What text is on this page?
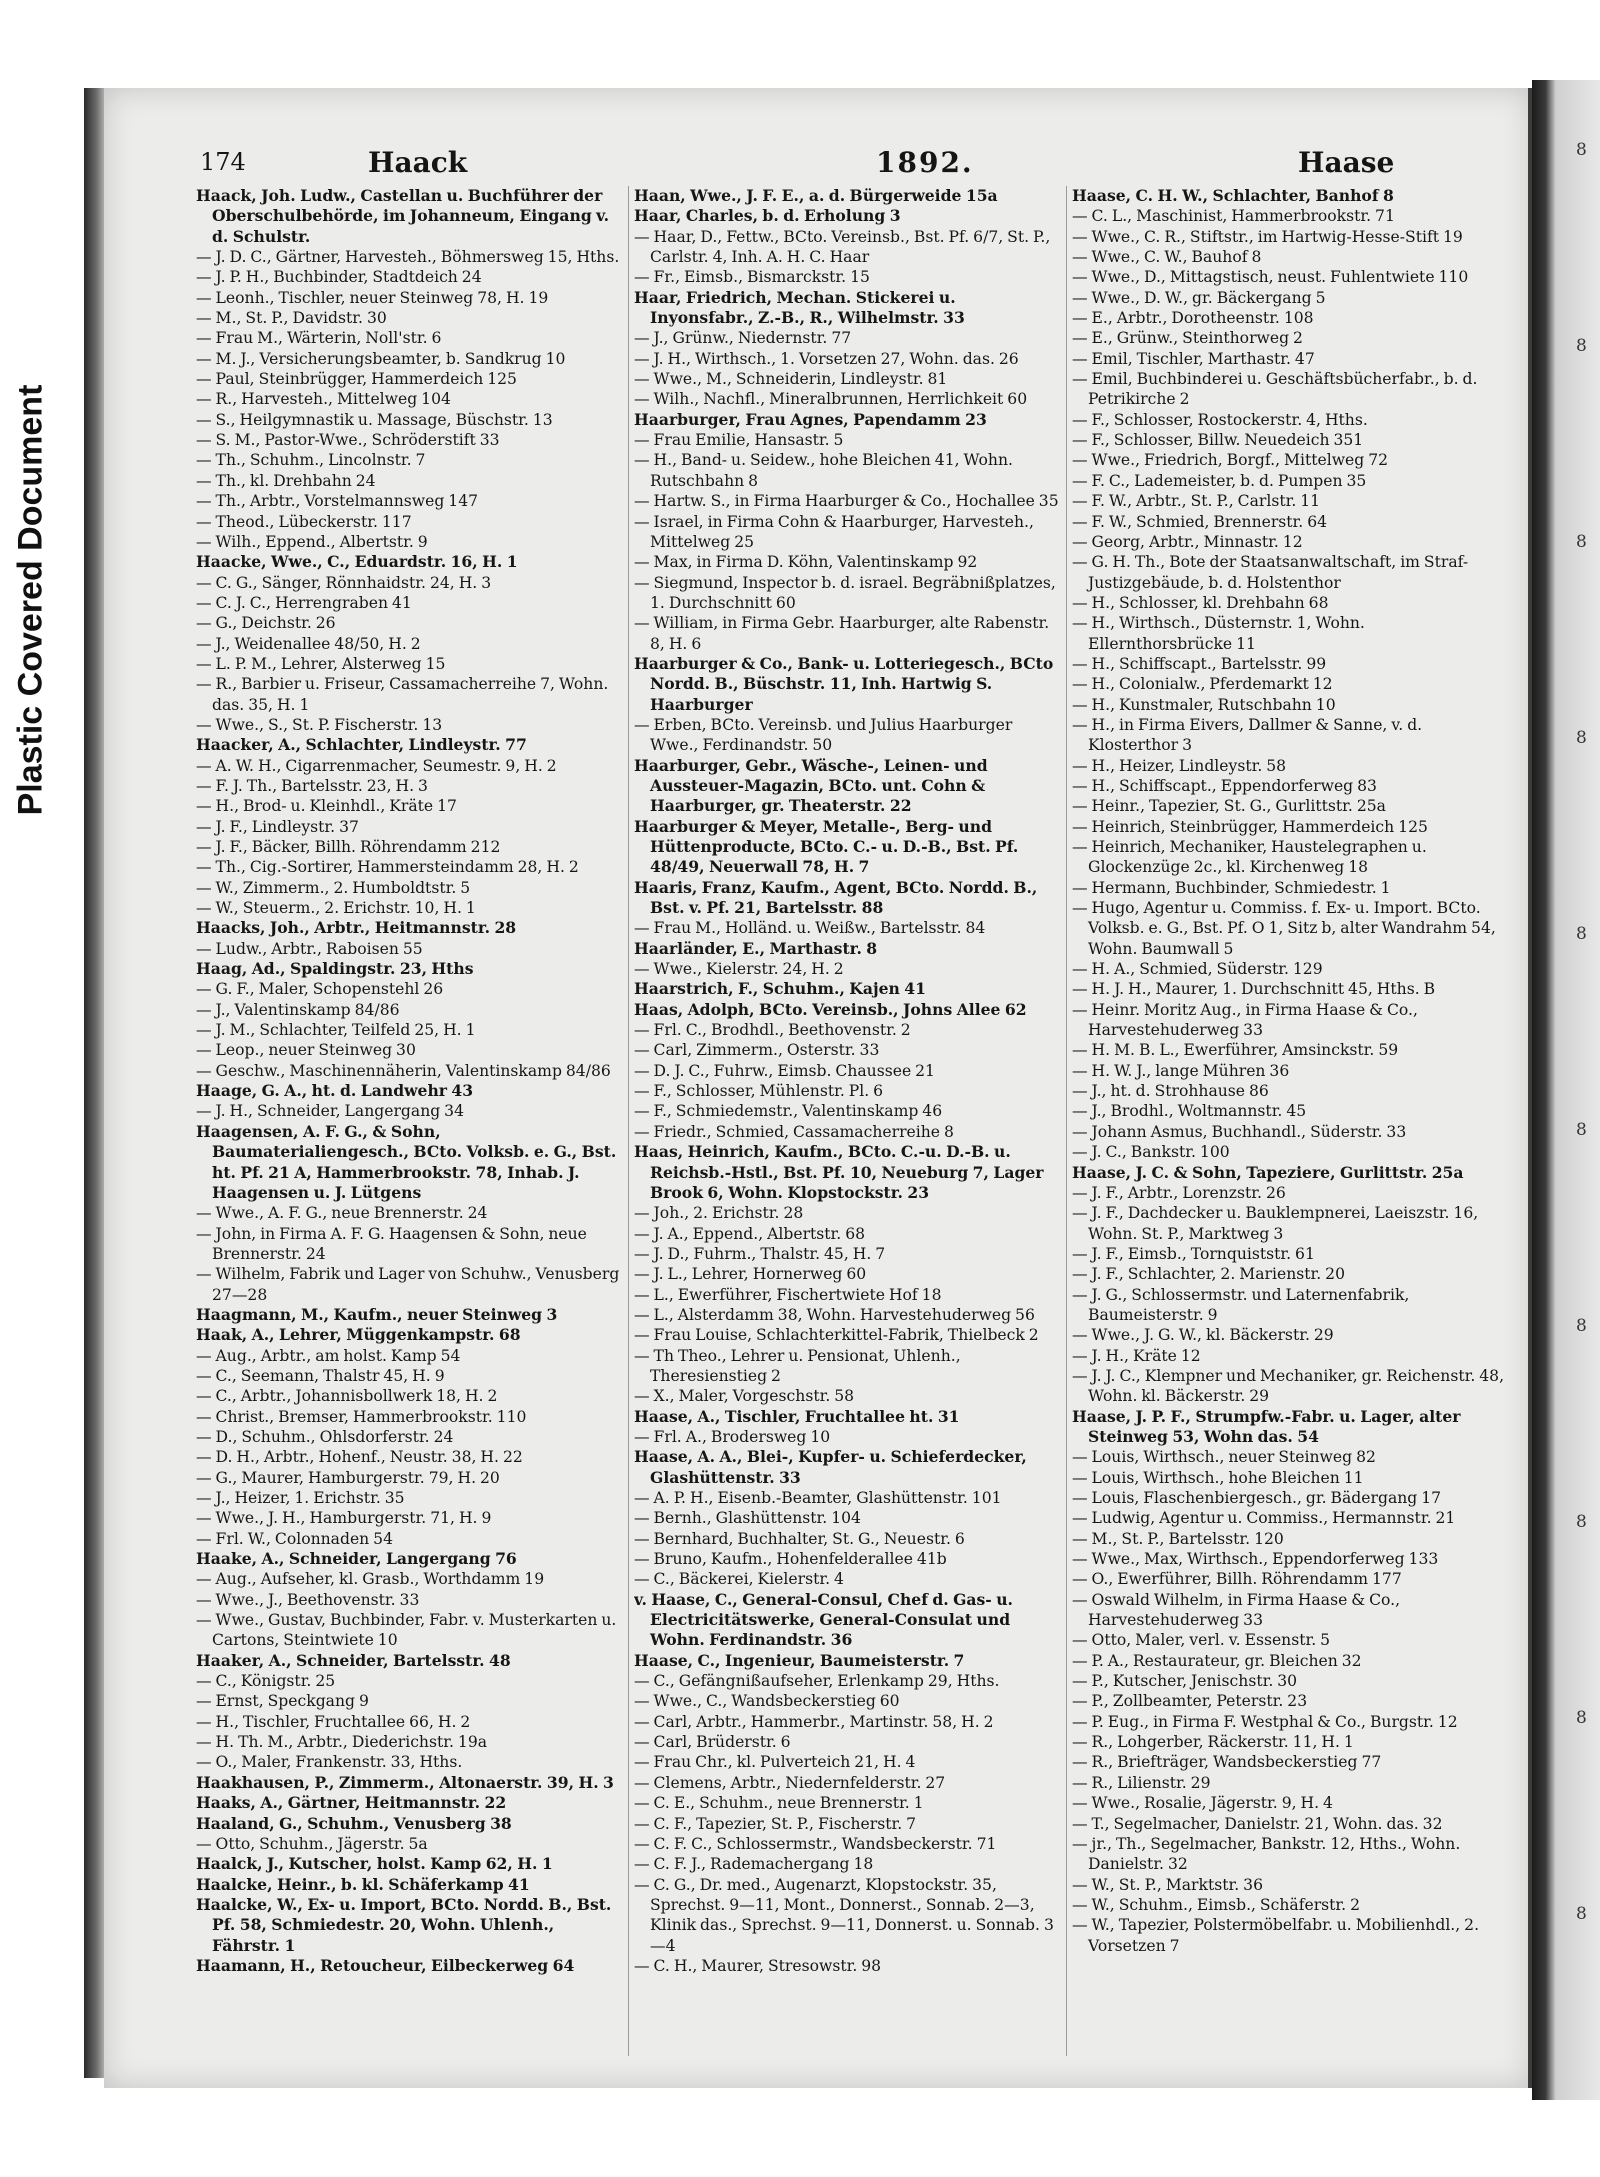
Plastic Covered Document
174	Haack	1892.	Haase
Haack, Joh. Ludw., Castellan u. Buchführer der Oberschulbehörde, im Johanneum, Eingang v. d. Schulstr.
— J. D. C., Gärtner, Harvesteh., Böhmersweg 15, Hths.
— J. P. H., Buchbinder, Stadtdeich 24
— Leonh., Tischler, neuer Steinweg 78, H. 19
— M., St. P., Davidstr. 30
— Frau M., Wärterin, Noll'str. 6
— M. J., Versicherungsbeamter, b. Sandkrug 10
— Paul, Steinbrügger, Hammerdeich 125
— R., Harvesteh., Mittelweg 104
— S., Heilgymnastik u. Massage, Büschstr. 13
— S. M., Pastor-Wwe., Schröderstift 33
— Th., Schuhm., Lincolnstr. 7
— Th., kl. Drehbahn 24
— Th., Arbtr., Vorstelmannsweg 147
— Theod., Lübeckerstr. 117
— Wilh., Eppend., Albertstr. 9
Haacke, Wwe., C., Eduardstr. 16, H. 1
— C. G., Sänger, Rönnhaidstr. 24, H. 3
— C. J. C., Herrengraben 41
— G., Deichstr. 26
— J., Weidenallee 48/50, H. 2
— L. P. M., Lehrer, Alsterweg 15
— R., Barbier u. Friseur, Cassamacherreihe 7, Wohn. das. 35, H. 1
— Wwe., S., St. P. Fischerstr. 13
Haacker, A., Schlachter, Lindleystr. 77
— A. W. H., Cigarrenmacher, Seumestr. 9, H. 2
— F. J. Th., Bartelsstr. 23, H. 3
— H., Brod- u. Kleinhdl., Kräte 17
— J. F., Lindleystr. 37
— J. F., Bäcker, Billh. Röhrendamm 212
— Th., Cig.-Sortirer, Hammersteindamm 28, H. 2
— W., Zimmerm., 2. Humboldtstr. 5
— W., Steuerm., 2. Erichstr. 10, H. 1
Haacks, Joh., Arbtr., Heitmannstr. 28
— Ludw., Arbtr., Raboisen 55
Haag, Ad., Spaldingstr. 23, Hths
— G. F., Maler, Schopenstehl 26
— J., Valentinskamp 84/86
— J. M., Schlachter, Teilfeld 25, H. 1
— Leop., neuer Steinweg 30
— Geschw., Maschinennäherin, Valentinskamp 84/86
Haage, G. A., ht. d. Landwehr 43
— J. H., Schneider, Langergang 34
Haagensen, A. F. G., & Sohn, Baumaterialiengesch., BCto. Volksb. e. G., Bst. ht. Pf. 21 A, Hammerbrookstr. 78, Inhab. J. Haagensen u. J. Lütgens
— Wwe., A. F. G., neue Brennerstr. 24
— John, in Firma A. F. G. Haagensen & Sohn, neue Brennerstr. 24
— Wilhelm, Fabrik und Lager von Schuhw., Venusberg 27—28
Haagmann, M., Kaufm., neuer Steinweg 3
Haak, A., Lehrer, Müggenkampstr. 68
— Aug., Arbtr., am holst. Kamp 54
— C., Seemann, Thalstr 45, H. 9
— C., Arbtr., Johannisbollwerk 18, H. 2
— Christ., Bremser, Hammerbrookstr. 110
— D., Schuhm., Ohlsdorferstr. 24
— D. H., Arbtr., Hohenf., Neustr. 38, H. 22
— G., Maurer, Hamburgerstr. 79, H. 20
— J., Heizer, 1. Erichstr. 35
— Wwe., J. H., Hamburgerstr. 71, H. 9
— Frl. W., Colonnaden 54
Haake, A., Schneider, Langergang 76
— Aug., Aufseher, kl. Grasb., Worthdamm 19
— Wwe., J., Beethovenstr. 33
— Wwe., Gustav, Buchbinder, Fabr. v. Musterkarten u. Cartons, Steintwiete 10
Haaker, A., Schneider, Bartelsstr. 48
— C., Königstr. 25
— Ernst, Speckgang 9
— H., Tischler, Fruchtallee 66, H. 2
— H. Th. M., Arbtr., Diederichstr. 19a
— O., Maler, Frankenstr. 33, Hths.
Haakhausen, P., Zimmerm., Altonaerstr. 39, H. 3
Haaks, A., Gärtner, Heitmannstr. 22
Haaland, G., Schuhm., Venusberg 38
— Otto, Schuhm., Jägerstr. 5a
Haalck, J., Kutscher, holst. Kamp 62, H. 1
Haalcke, Heinr., b. kl. Schäferkamp 41
Haalcke, W., Ex- u. Import, BCto. Nordd. B., Bst. Pf. 58, Schmiedestr. 20, Wohn. Uhlenh., Fährstr. 1
Haamann, H., Retoucheur, Eilbeckerweg 64
Haan, Wwe., J. F. E., a. d. Bürgerweide 15a
Haar, Charles, b. d. Erholung 3
— Haar, D., Fettw., BCto. Vereinsb., Bst. Pf. 6/7, St. P., Carlstr. 4, Inh. A. H. C. Haar
— Fr., Eimsb., Bismarckstr. 15
Haar, Friedrich, Mechan. Stickerei u. Inyonsfabr., Z.-B., R., Wilhelmstr. 33
— J., Grünw., Niedernstr. 77
— J. H., Wirthsch., 1. Vorsetzen 27, Wohn. das. 26
— Wwe., M., Schneiderin, Lindleystr. 81
— Wilh., Nachfl., Mineralbrunnen, Herrlichkeit 60
Haarburger, Frau Agnes, Papendamm 23
— Frau Emilie, Hansastr. 5
— H., Band- u. Seidew., hohe Bleichen 41, Wohn. Rutschbahn 8
— Hartw. S., in Firma Haarburger & Co., Hochallee 35
— Israel, in Firma Cohn & Haarburger, Harvesteh., Mittelweg 25
— Max, in Firma D. Köhn, Valentinskamp 92
— Siegmund, Inspector b. d. israel. Begräbnißplatzes, 1. Durchschnitt 60
— William, in Firma Gebr. Haarburger, alte Rabenstr. 8, H. 6
Haarburger & Co., Bank- u. Lotteriegesch., BCto Nordd. B., Büschstr. 11, Inh. Hartwig S. Haarburger
— Erben, BCto. Vereinsb. und Julius Haarburger Wwe., Ferdinandstr. 50
Haarburger, Gebr., Wäsche-, Leinen- und Aussteuer-Magazin, BCto. unt. Cohn & Haarburger, gr. Theaterstr. 22
Haarburger & Meyer, Metalle-, Berg- und Hüttenproducte, BCto. C.- u. D.-B., Bst. Pf. 48/49, Neuerwall 78, H. 7
Haaris, Franz, Kaufm., Agent, BCto. Nordd. B., Bst. v. Pf. 21, Bartelsstr. 88
— Frau M., Holländ. u. Weißw., Bartelsstr. 84
Haarländer, E., Marthastr. 8
— Wwe., Kielerstr. 24, H. 2
Haarstrich, F., Schuhm., Kajen 41
Haas, Adolph, BCto. Vereinsb., Johns Allee 62
— Frl. C., Brodhdl., Beethovenstr. 2
— Carl, Zimmerm., Osterstr. 33
— D. J. C., Fuhrw., Eimsb. Chaussee 21
— F., Schlosser, Mühlenstr. Pl. 6
— F., Schmiedemstr., Valentinskamp 46
— Friedr., Schmied, Cassamacherreihe 8
Haas, Heinrich, Kaufm., BCto. C.-u. D.-B. u. Reichsb.-Hstl., Bst. Pf. 10, Neueburg 7, Lager Brook 6, Wohn. Klopstockstr. 23
— Joh., 2. Erichstr. 28
— J. A., Eppend., Albertstr. 68
— J. D., Fuhrm., Thalstr. 45, H. 7
— J. L., Lehrer, Hornerweg 60
— L., Ewerführer, Fischertwiete Hof 18
— L., Alsterdamm 38, Wohn. Harvestehuderweg 56
— Frau Louise, Schlachterkittel-Fabrik, Thielbeck 2
— Th Theo., Lehrer u. Pensionat, Uhlenh., Theresienstieg 2
— X., Maler, Vorgeschstr. 58
Haase, A., Tischler, Fruchtallee ht. 31
— Frl. A., Brodersweg 10
Haase, A. A., Blei-, Kupfer- u. Schieferdecker, Glashüttenstr. 33
— A. P. H., Eisenb.-Beamter, Glashüttenstr. 101
— Bernh., Glashüttenstr. 104
— Bernhard, Buchhalter, St. G., Neuestr. 6
— Bruno, Kaufm., Hohenfelderallee 41b
— C., Bäckerei, Kielerstr. 4
v. Haase, C., General-Consul, Chef d. Gas- u. Electricitätswerke, General-Consulat und Wohn. Ferdinandstr. 36
Haase, C., Ingenieur, Baumeisterstr. 7
— C., Gefängnißaufseher, Erlenkamp 29, Hths.
— Wwe., C., Wandsbeckerstieg 60
— Carl, Arbtr., Hammerbr., Martinstr. 58, H. 2
— Carl, Brüderstr. 6
— Frau Chr., kl. Pulverteich 21, H. 4
— Clemens, Arbtr., Niedernfelderstr. 27
— C. E., Schuhm., neue Brennerstr. 1
— C. F., Tapezier, St. P., Fischerstr. 7
— C. F. C., Schlossermstr., Wandsbeckerstr. 71
— C. F. J., Rademachergang 18
— C. G., Dr. med., Augenarzt, Klopstockstr. 35, Sprechst. 9—11, Mont., Donnerst., Sonnab. 2—3, Klinik das., Sprechst. 9—11, Donnerst. u. Sonnab. 3—4
— C. H., Maurer, Stresowstr. 98
Haase, C. H. W., Schlachter, Banhof 8
— C. L., Maschinist, Hammerbrookstr. 71
— Wwe., C. R., Stiftstr., im Hartwig-Hesse-Stift 19
— Wwe., C. W., Bauhof 8
— Wwe., D., Mittagstisch, neust. Fuhlentwiete 110
— Wwe., D. W., gr. Bäckergang 5
— E., Arbtr., Dorotheenstr. 108
— E., Grünw., Steinthorweg 2
— Emil, Tischler, Marthastr. 47
— Emil, Buchbinderei u. Geschäftsbücherfabr., b. d. Petrikirche 2
— F., Schlosser, Rostockerstr. 4, Hths.
— F., Schlosser, Billw. Neuedeich 351
— Wwe., Friedrich, Borgf., Mittelweg 72
— F. C., Lademeister, b. d. Pumpen 35
— F. W., Arbtr., St. P., Carlstr. 11
— F. W., Schmied, Brennerstr. 64
— Georg, Arbtr., Minnastr. 12
— G. H. Th., Bote der Staatsanwaltschaft, im Straf-Justizgebäude, b. d. Holstenthor
— H., Schlosser, kl. Drehbahn 68
— H., Wirthsch., Düsternstr. 1, Wohn. Ellernthorsbrücke 11
— H., Schiffscapt., Bartelsstr. 99
— H., Colonialw., Pferdemarkt 12
— H., Kunstmaler, Rutschbahn 10
— H., in Firma Eivers, Dallmer & Sanne, v. d. Klosterthor 3
— H., Heizer, Lindleystr. 58
— H., Schiffscapt., Eppendorferweg 83
— Heinr., Tapezier, St. G., Gurlittstr. 25a
— Heinrich, Steinbrügger, Hammerdeich 125
— Heinrich, Mechaniker, Haustelegraphen u. Glockenzüge 2c., kl. Kirchenweg 18
— Hermann, Buchbinder, Schmiedestr. 1
— Hugo, Agentur u. Commiss. f. Ex- u. Import. BCto. Volksb. e. G., Bst. Pf. O 1, Sitz b, alter Wandrahm 54, Wohn. Baumwall 5
— H. A., Schmied, Süderstr. 129
— H. J. H., Maurer, 1. Durchschnitt 45, Hths. B
— Heinr. Moritz Aug., in Firma Haase & Co., Harvestehuderweg 33
— H. M. B. L., Ewerführer, Amsinckstr. 59
— H. W. J., lange Mühren 36
— J., ht. d. Strohhause 86
— J., Brodhl., Woltmannstr. 45
— Johann Asmus, Buchhandl., Süderstr. 33
— J. C., Bankstr. 100
Haase, J. C. & Sohn, Tapeziere, Gurlittstr. 25a
— J. F., Arbtr., Lorenzstr. 26
— J. F., Dachdecker u. Bauklempnerei, Laeiszstr. 16, Wohn. St. P., Marktweg 3
— J. F., Eimsb., Tornquiststr. 61
— J. F., Schlachter, 2. Marienstr. 20
— J. G., Schlossermstr. und Laternenfabrik, Baumeisterstr. 9
— Wwe., J. G. W., kl. Bäckerstr. 29
— J. H., Kräte 12
— J. J. C., Klempner und Mechaniker, gr. Reichenstr. 48, Wohn. kl. Bäckerstr. 29
Haase, J. P. F., Strumpfw.-Fabr. u. Lager, alter Steinweg 53, Wohn das. 54
— Louis, Wirthsch., neuer Steinweg 82
— Louis, Wirthsch., hohe Bleichen 11
— Louis, Flaschenbiergesch., gr. Bädergang 17
— Ludwig, Agentur u. Commiss., Hermannstr. 21
— M., St. P., Bartelsstr. 120
— Wwe., Max, Wirthsch., Eppendorferweg 133
— O., Ewerführer, Billh. Röhrendamm 177
— Oswald Wilhelm, in Firma Haase & Co., Harvestehuderweg 33
— Otto, Maler, verl. v. Essenstr. 5
— P. A., Restaurateur, gr. Bleichen 32
— P., Kutscher, Jenischstr. 30
— P., Zollbeamter, Peterstr. 23
— P. Eug., in Firma F. Westphal & Co., Burgstr. 12
— R., Lohgerber, Räckerstr. 11, H. 1
— R., Briefträger, Wandsbeckerstieg 77
— R., Lilienstr. 29
— Wwe., Rosalie, Jägerstr. 9, H. 4
— T., Segelmacher, Danielstr. 21, Wohn. das. 32
— jr., Th., Segelmacher, Bankstr. 12, Hths., Wohn. Danielstr. 32
— W., St. P., Marktstr. 36
— W., Schuhm., Eimsb., Schäferstr. 2
— W., Tapezier, Polstermöbelfabr. u. Mobilienhdl., 2. Vorsetzen 7
8
8
8
8
8
8
8
8
8
8
